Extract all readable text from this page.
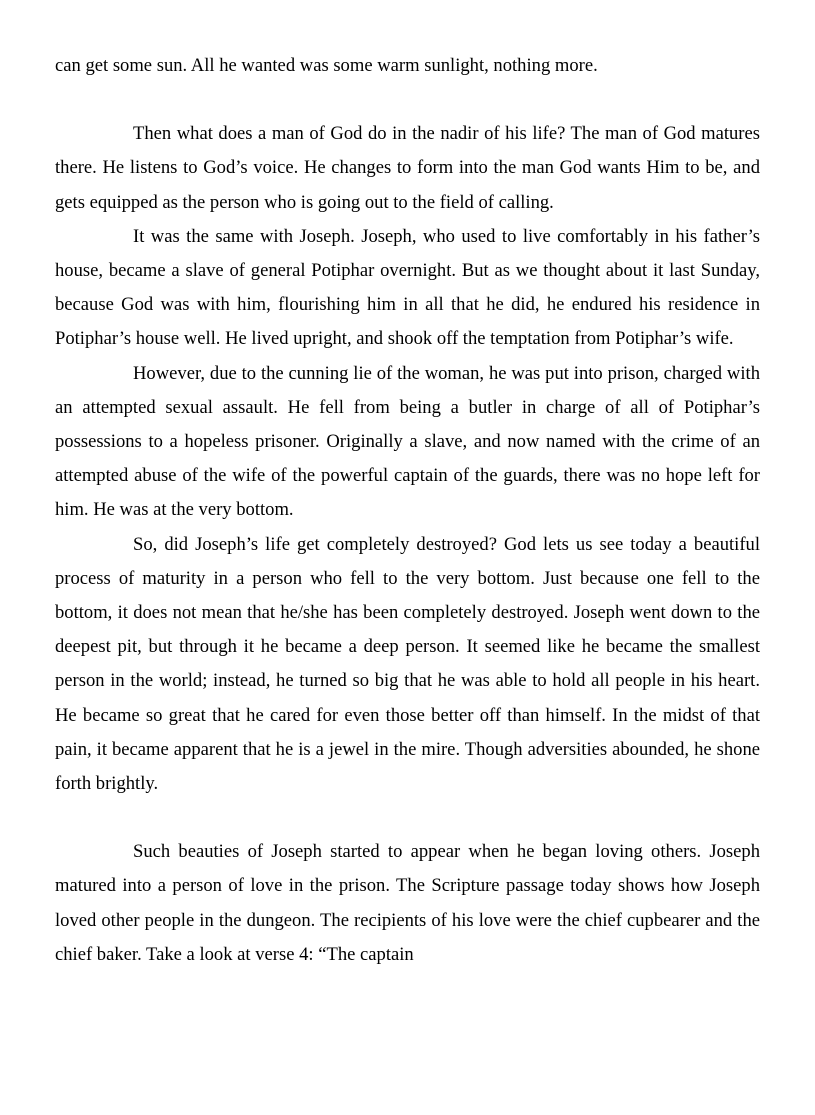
can get some sun. All he wanted was some warm sunlight, nothing more.

Then what does a man of God do in the nadir of his life? The man of God matures there. He listens to God’s voice. He changes to form into the man God wants Him to be, and gets equipped as the person who is going out to the field of calling.

It was the same with Joseph. Joseph, who used to live comfortably in his father’s house, became a slave of general Potiphar overnight. But as we thought about it last Sunday, because God was with him, flourishing him in all that he did, he endured his residence in Potiphar’s house well. He lived upright, and shook off the temptation from Potiphar’s wife.

However, due to the cunning lie of the woman, he was put into prison, charged with an attempted sexual assault. He fell from being a butler in charge of all of Potiphar’s possessions to a hopeless prisoner. Originally a slave, and now named with the crime of an attempted abuse of the wife of the powerful captain of the guards, there was no hope left for him. He was at the very bottom.

So, did Joseph’s life get completely destroyed? God lets us see today a beautiful process of maturity in a person who fell to the very bottom. Just because one fell to the bottom, it does not mean that he/she has been completely destroyed. Joseph went down to the deepest pit, but through it he became a deep person. It seemed like he became the smallest person in the world; instead, he turned so big that he was able to hold all people in his heart. He became so great that he cared for even those better off than himself. In the midst of that pain, it became apparent that he is a jewel in the mire. Though adversities abounded, he shone forth brightly.

Such beauties of Joseph started to appear when he began loving others. Joseph matured into a person of love in the prison. The Scripture passage today shows how Joseph loved other people in the dungeon. The recipients of his love were the chief cupbearer and the chief baker. Take a look at verse 4: “The captain
